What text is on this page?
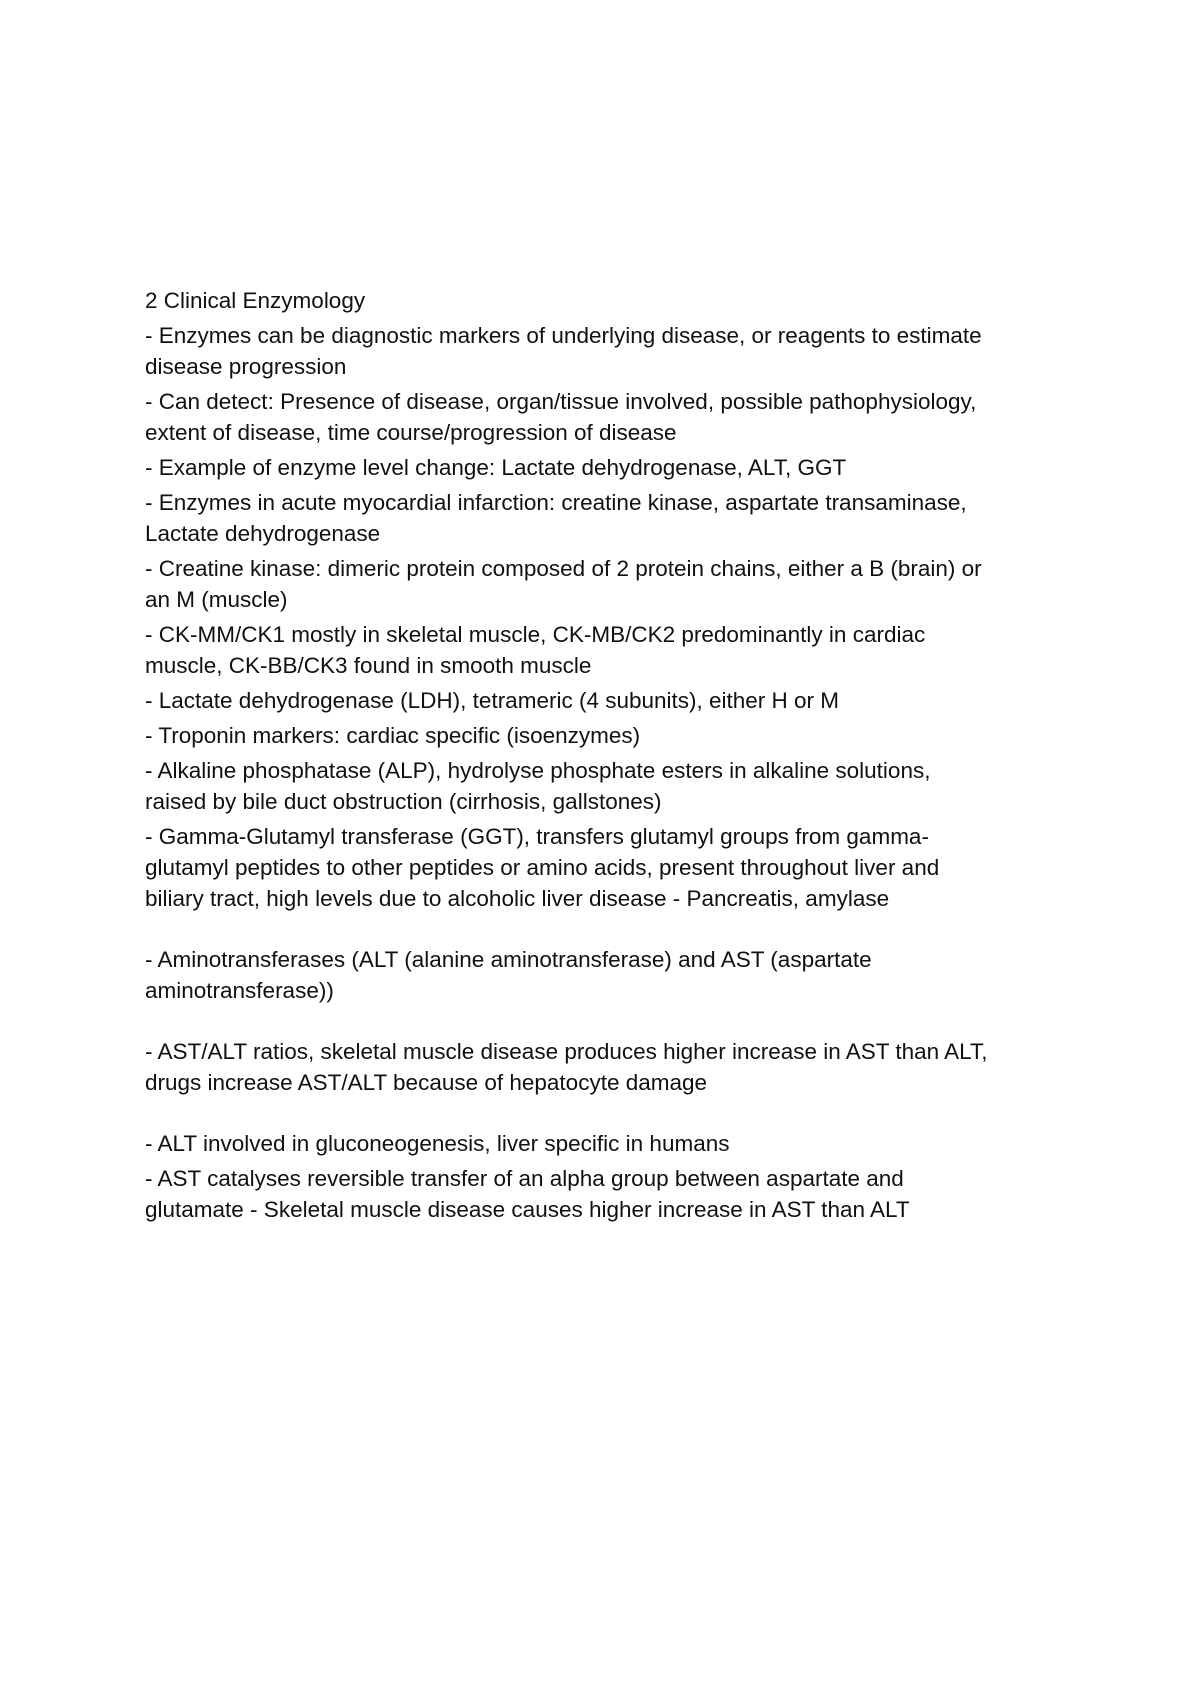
2 Clinical Enzymology
- Enzymes can be diagnostic markers of underlying disease, or reagents to estimate
disease progression
- Can detect: Presence of disease, organ/tissue involved, possible pathophysiology,
extent of disease, time course/progression of disease
- Example of enzyme level change: Lactate dehydrogenase, ALT, GGT
- Enzymes in acute myocardial infarction: creatine kinase, aspartate transaminase,
Lactate dehydrogenase
- Creatine kinase: dimeric protein composed of 2 protein chains, either a B (brain) or
an M (muscle)
- CK-MM/CK1 mostly in skeletal muscle, CK-MB/CK2 predominantly in cardiac
muscle, CK-BB/CK3 found in smooth muscle
- Lactate dehydrogenase (LDH), tetrameric (4 subunits), either H or M
- Troponin markers: cardiac specific (isoenzymes)
- Alkaline phosphatase (ALP), hydrolyse phosphate esters in alkaline solutions,
raised by bile duct obstruction (cirrhosis, gallstones)
- Gamma-Glutamyl transferase (GGT), transfers glutamyl groups from gamma-
glutamyl peptides to other peptides or amino acids, present throughout liver and
biliary tract, high levels due to alcoholic liver disease - Pancreatis, amylase
- Aminotransferases (ALT (alanine aminotransferase) and AST (aspartate
aminotransferase))
- AST/ALT ratios, skeletal muscle disease produces higher increase in AST than ALT,
drugs increase AST/ALT because of hepatocyte damage
- ALT involved in gluconeogenesis, liver specific in humans
- AST catalyses reversible transfer of an alpha group between aspartate and
glutamate - Skeletal muscle disease causes higher increase in AST than ALT
